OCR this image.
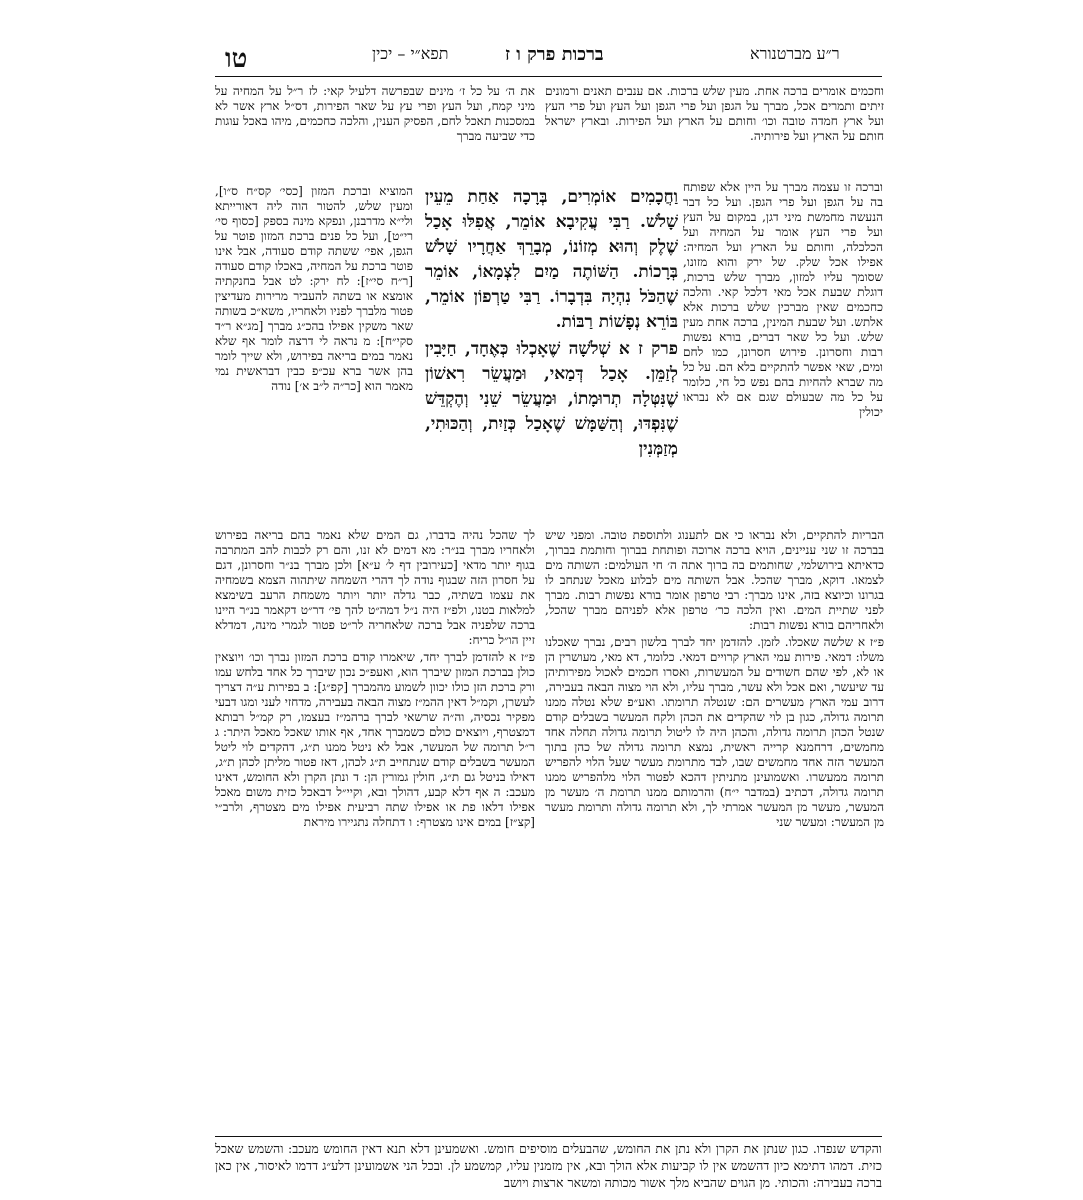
טו	תפא״י – יכין	ברכות פרק ו ז	ר״ע מברטנורא

וחכמים אומרים ברכה אחת. מעין שלש ברכות. אם ענבים תאנים ורמונים זיתים ותמרים אכל, מברך על הגפן ועל פרי הגפן ועל העץ ועל פרי העץ ועל ארץ חמדה טובה וכו׳ וחותם על הארץ ועל הפירות. ובארץ ישראל חותם על הארץ ועל פירותיה.

וברכה זו עצמה מברך על היין אלא שפותח בה על הגפן ועל פרי הגפן. ועל כל דבר הנעשה מחמשת מיני דגן, במקום על העץ ועל פרי העץ אומר על המחיה ועל הכלכלה, וחותם על הארץ ועל המחיה: אפילו אכל שלק. של ירק והוא מזונו, שסומך עליו למזון, מברך שלש ברכות, דוגלת שבעת אכל מאי דלכל קאי. והלכה כחכמים שאין מברכין שלש ברכות אלא אלתש. ועל שבעת המינין, ברכה אחת מעין שלש. ועל כל שאר דברים, בורא נפשות רבות וחסרונן. פירוש חסרונן, כמו לחם ומים, שאי אפשר להתקיים בלא הם. על כל מה שברא להחיות בהם נפש כל חי, כלומר על כל מה שבעולם שגם אם לא נבראו יכולין

הבריות להתקיים, ולא נבראו כי אם לתענוג ולתוספת טובה. ומפני שיש בברכה זו שני עניינים, הויא ברכה ארוכה ופותחת בברוך וחותמת בברוך, כדאיתא בירושלמי, שחותמים בה ברוך אתה ה׳ חי העולמים: השותה מים לצמאו. דוקא, מברך שהכל. אבל השותה מים לבלוע מאכל שנתחב לו בגרונו וכיוצא בזה, אינו מברך: רבי טרפון אומר בורא נפשות רבות. מברך לפני שתיית המים. ואין הלכה כר׳ טרפון אלא לפניהם מברך שהכל, ולאחריהם בורא נפשות רבות:

פ״ז א שלשה שאכלו. לזמן. להזדמן יחד לברך בלשון רבים, נברך שאכלנו משלו: דמאי. פירות עמי הארץ קרויים דמאי. כלומר, דא מאי, מעושרין הן או לא, לפי שהם חשודים על המעשרות, ואסרו חכמים לאכול מפירותיהן עד שיעשר, ואם אכל ולא עשר, מברך עליו, ולא הוי מצוה הבאה בעבירה, דרוב עמי הארץ מעשרים הם: שנטלה תרומתו. ואע״פ שלא נטלה ממנו תרומה גדולה, כגון בן לוי שהקדים את הכהן ולקח המעשר בשבלים קודם שנטל הכהן תרומה גדולה, והכהן היה לו ליטול תרומה גדולה תחלה אחד מחמשים, דרחמנא קרייה ראשית, נמצא תרומה גדולה של כהן בתוך המעשר הזה אחד מחמשים שבו, לבד מתרומת מעשר שעל הלוי להפריש תרומה ממעשרו. ואשמועינן מתניתין דהכא לפטור הלוי מלהפריש ממנו תרומה גדולה, דכתיב (במדבר י״ח) והרמותם ממנו תרומת ה׳ מעשר מן המעשר, מעשר מן המעשר אמרתי לך, ולא תרומה גדולה ותרומת מעשר מן המעשר: ומעשר שני

וַחֲכָמִים אוֹמְרִים, בְּרָכָה אַחַת מֵעֵין שָׁלֹשׁ. רַבִּי עֲקִיבָא אוֹמֵר, אֲפִלּוּ אָכַל שֶׁלֶק וְהוּא מְזוֹנוֹ, מְבָרֵךְ אַחֲרָיו שָׁלֹשׁ בְּרָכוֹת. הַשּׁוֹתֶה מַיִם לִצְמָאוֹ, אוֹמֵר שֶׁהַכֹּל נִהְיָה בִּדְבָרוֹ. רַבִּי טַרְפוֹן אוֹמֵר, בּוֹרֵא נְפָשׁוֹת רַבּוֹת.

פרק ז א שְׁלֹשָׁה שֶׁאָכְלוּ כְּאֶחָד, חַיָּבִין לְזַמֵּן. אָכַל דְּמַאי, וּמַעֲשֵׂר רִאשׁוֹן שֶׁנִּטְּלָה תְרוּמָתוֹ, וּמַעֲשֵׂר שֵׁנִי וְהֶקְדֵּשׁ שֶׁנִּפְדּוּ, וְהַשַּׁמָּשׁ שֶׁאָכַל כְּזַיִת, וְהַכּוּתִי, מְזַמְּנִין

את ה׳ על כל ז׳ מינים שבפרשה דלעיל קאי: לז ר״ל על המחיה על מיני קמח, ועל העץ ופרי עץ על שאר הפירות, דס״ל ארץ אשר לא במסכנות תאכל לחם, הפסיק הענין, והלכה כחכמים, מיהו באכל עוגות כדי שביעה מברך

המוציא וברכת המזון [כסי׳ קס״ח ס״ו], ומעין שלש, להטור הוה ליה דאורייתא ולי״א מדרבנן, ונפקא מינה בספק [כסוף סי׳ רי״ט], ועל כל פנים ברכת המזון פוטר על הגפן, אפי׳ ששתה קודם סעודה, אבל אינו פוטר ברכת על המחיה, באכלו קודם סעודה [ר״ח סי״ז]: לח ירק: לט אבל בחנקתיה אומצא או בשתה להעביר מרירות מעדיצין פטור מלברך לפניו ולאחריו, משא״כ בשותה שאר משקין אפילו בהכ״ג מברך [מג״א ר״ד סקי״ח]: מ נראה לי דרצה לומר אף שלא נאמר במים בריאה בפירוש, ולא שייך לומר בהן אשר ברא עכ״פ כבין דבראשית נמי מאמר הוא [כר״ה ל״ב א׳] נודה

לך שהכל נהיה בדברו, גם המים שלא נאמר בהם בריאה בפירוש ולאחריו מברך בנ״ר: מא דמים לא זנו, והם רק לכבות להב המתרבה בגוף יותר מדאי [כעירובין דף ל׳ ע״א] ולכן מברך בנ״ר וחסרונן, דגם על חסרון הזה שבגוף נודה לך דהרי השמחה שיתהוה הצמא בשמחיה את עצמו בשתיה, כבר גדלה יותר ויותר משמחת הרעב בשימצא למלאות בטנו, ולפ״ז היה נ״ל דמה״ט להך פי׳ דר״ט דקאמר בנ״ר היינו ברכה שלפניה אבל ברכה שלאחריה לר״ט פטור לגמרי מינה, דמדלא זיין הו״ל כריח:

פ״ז א להזדמן לברך יחד, שיאמרו קודם ברכת המזון נברך וכו׳ ויוצאין כולן בברכת המזון שיברך הוא, ואעפ״כ נכון שיברך כל אחד בלחש עמו ורק ברכת הזן כולו יכוון לשמוע מהמברך [קפ״ג]: ב בפירות ע״ה דצריך לעשרן, וקמ״ל דאין ההמ״ז מצוה הבאה בעבירה, מדחזי לעני ומגו דבעי מפקיר נכסיה, וה״ה שרשאי לברך ברהמ״ז בעצמו, רק קמ״ל רבותא דמצטרף, ויוצאים כולם כשמברך אחד, אף אותו שאכל מאכל היתר: ג ר״ל תרומה של המעשר, אבל לא ניטל ממנו ת״ג, דהקדים לוי ליטל המעשר בשבלים קודם שנתחייב ת״ג לכהן, דאז פטור מליתן לכהן ת״ג, דאילו בניטל גם ת״ג, חולין גמורין הן: ד ונתן הקרן ולא החומש, דאינו מעכב: ה אף דלא קבע, דהולך ובא, וקיי״ל דבאכל כזית משום מאכל אפילו דלאו פת או אפילו שתה רביעית אפילו מים מצטרף, ולרב״י [קצ״ז] במים אינו מצטרף: ו דתחלה נתגיירו מיראת

והקדש שנפדו. כגון שנתן את הקרן ולא נתן את החומש, שהבעלים מוסיפים חומש. ואשמעינן דלא תנא דאין החומש מעכב: והשמש שאכל כזית. דמהו דתימא כיון דהשמש אין לו קביעות אלא הולך ובא, אין מזמנין עליו, קמשמע לן. ובכל הני אשמועינן דלע״ג דדמו לאיסור, אין כאן ברכה בעבירה: והכותי. מן הגוים שהביא מלך אשור מכותה ומשאר ארצות ויושב
